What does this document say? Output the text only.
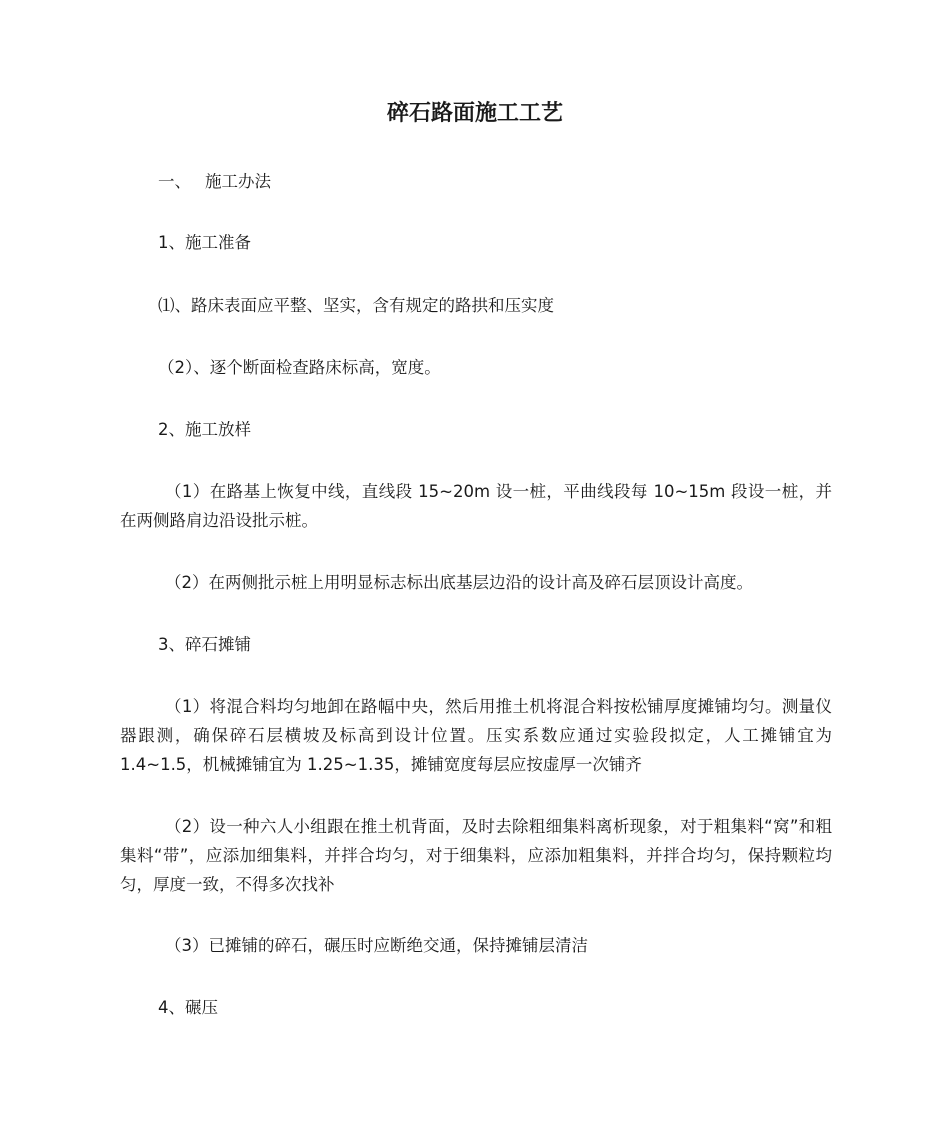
碎石路面施工工艺

一、 施工办法

1、施工准备

⑴、路床表面应平整、坚实，含有规定的路拱和压实度

（2）、逐个断面检查路床标高，宽度。

2、施工放样

（1）在路基上恢复中线，直线段 15~20m 设一桩，平曲线段每 10~15m 段设一桩，并在两侧路肩边沿设批示桩。

（2）在两侧批示桩上用明显标志标出底基层边沿的设计高及碎石层顶设计高度。

3、碎石摊铺

（1）将混合料均匀地卸在路幅中央，然后用推土机将混合料按松铺厚度摊铺均匀。测量仪器跟测，确保碎石层横坡及标高到设计位置。压实系数应通过实验段拟定，人工摊铺宜为 1.4~1.5，机械摊铺宜为 1.25~1.35，摊铺宽度每层应按虚厚一次铺齐

（2）设一种六人小组跟在推土机背面，及时去除粗细集料离析现象，对于粗集料“窝”和粗集料“带”，应添加细集料，并拌合均匀，对于细集料，应添加粗集料，并拌合均匀，保持颗粒均匀，厚度一致，不得多次找补

（3）已摊铺的碎石，碾压时应断绝交通，保持摊铺层清洁

4、碾压
